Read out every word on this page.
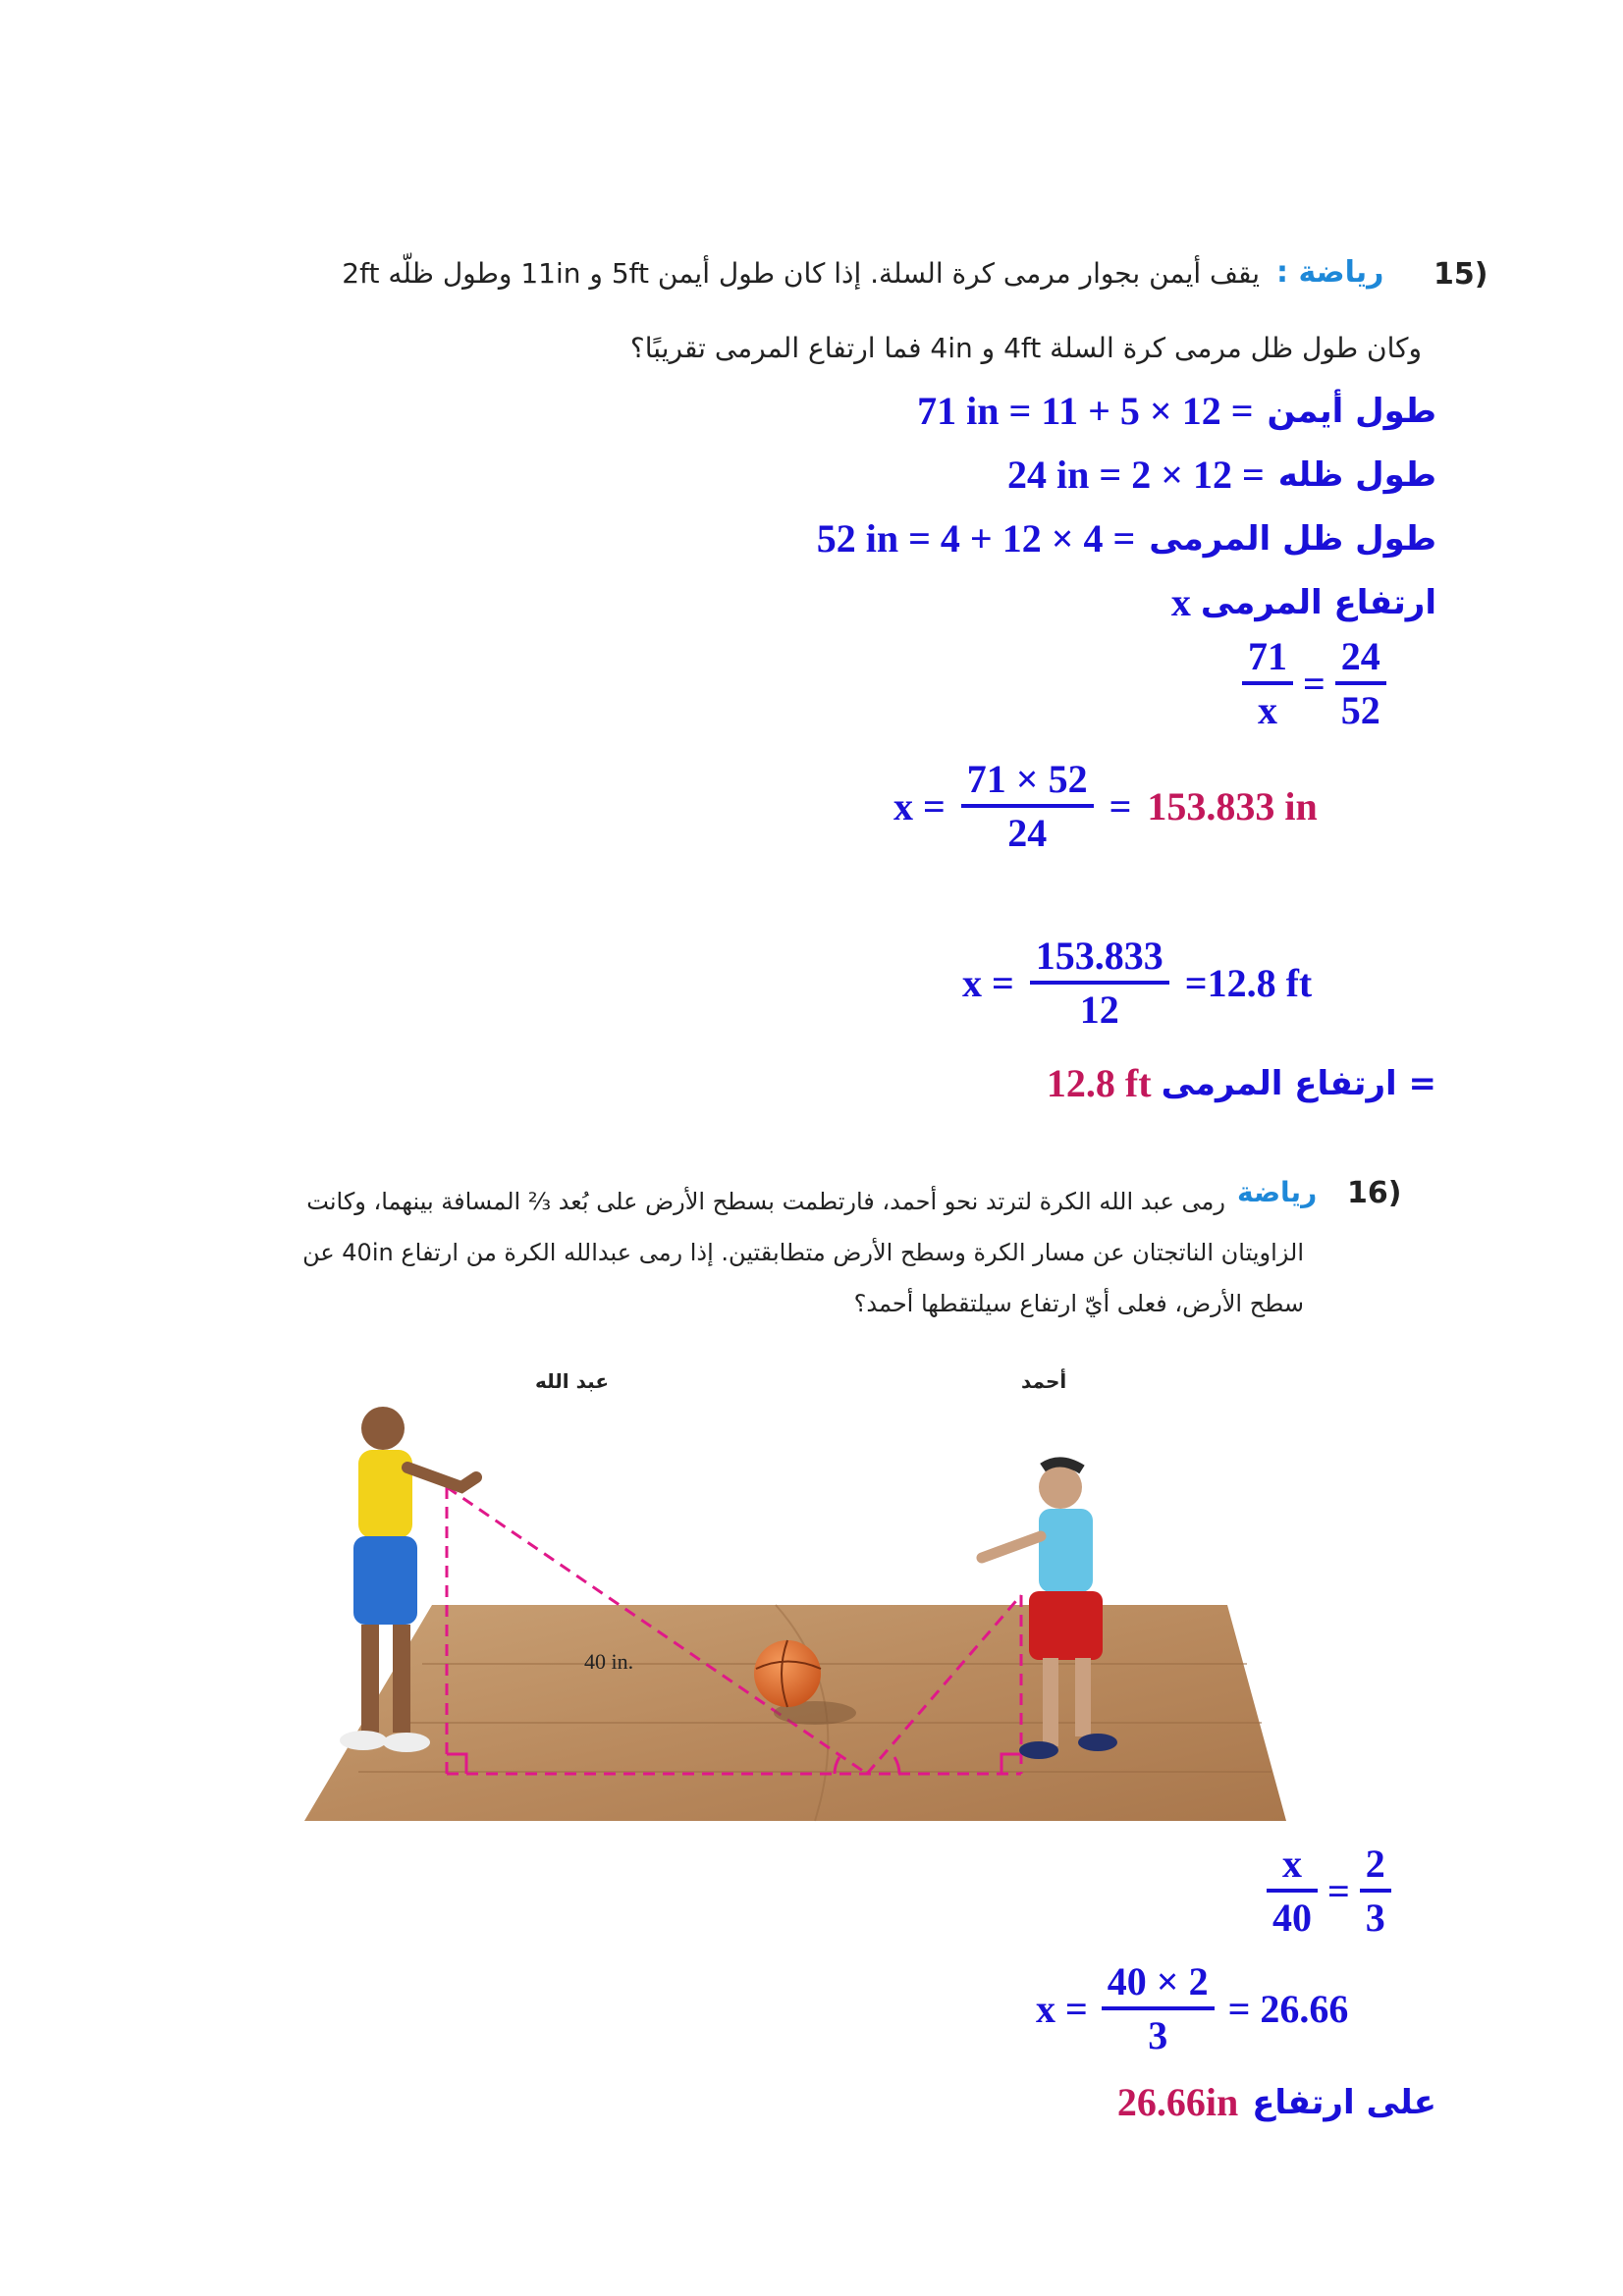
15)
رياضة :
يقف أيمن بجوار مرمى كرة السلة. إذا كان طول أيمن 5ft و 11in وطول ظلّه 2ft
وكان طول ظل مرمى كرة السلة 4ft و 4in فما ارتفاع المرمى تقريبًا؟
71 in = 11 + 5 × 12 = طول أيمن
24 in = 2 × 12 = طول ظله
52 in = 4 + 12 × 4 = طول ظل المرمى
x ارتفاع المرمى
$\frac{71}{x} = \frac{24}{52}$
$x = \frac{71 \times 52}{24} = 153.833$ in
$x = \frac{153.833}{12} =12.8$ ft
12.8 ft ارتفاع المرمى =
16)
رياضة
رمى عبد الله الكرة لترتد نحو أحمد، فارتطمت بسطح الأرض على بُعد ⅔ المسافة بينهما، وكانت
الزاويتان الناتجتان عن مسار الكرة وسطح الأرض متطابقتين. إذا رمى عبدالله الكرة من ارتفاع 40in عن
سطح الأرض، فعلى أيّ ارتفاع سيلتقطها أحمد؟
عبد الله	أحمد
40 in.
$\frac{x}{40} = \frac{2}{3}$
$x = \frac{40 \times 2}{3} = 26.66$
26.66in على ارتفاع
